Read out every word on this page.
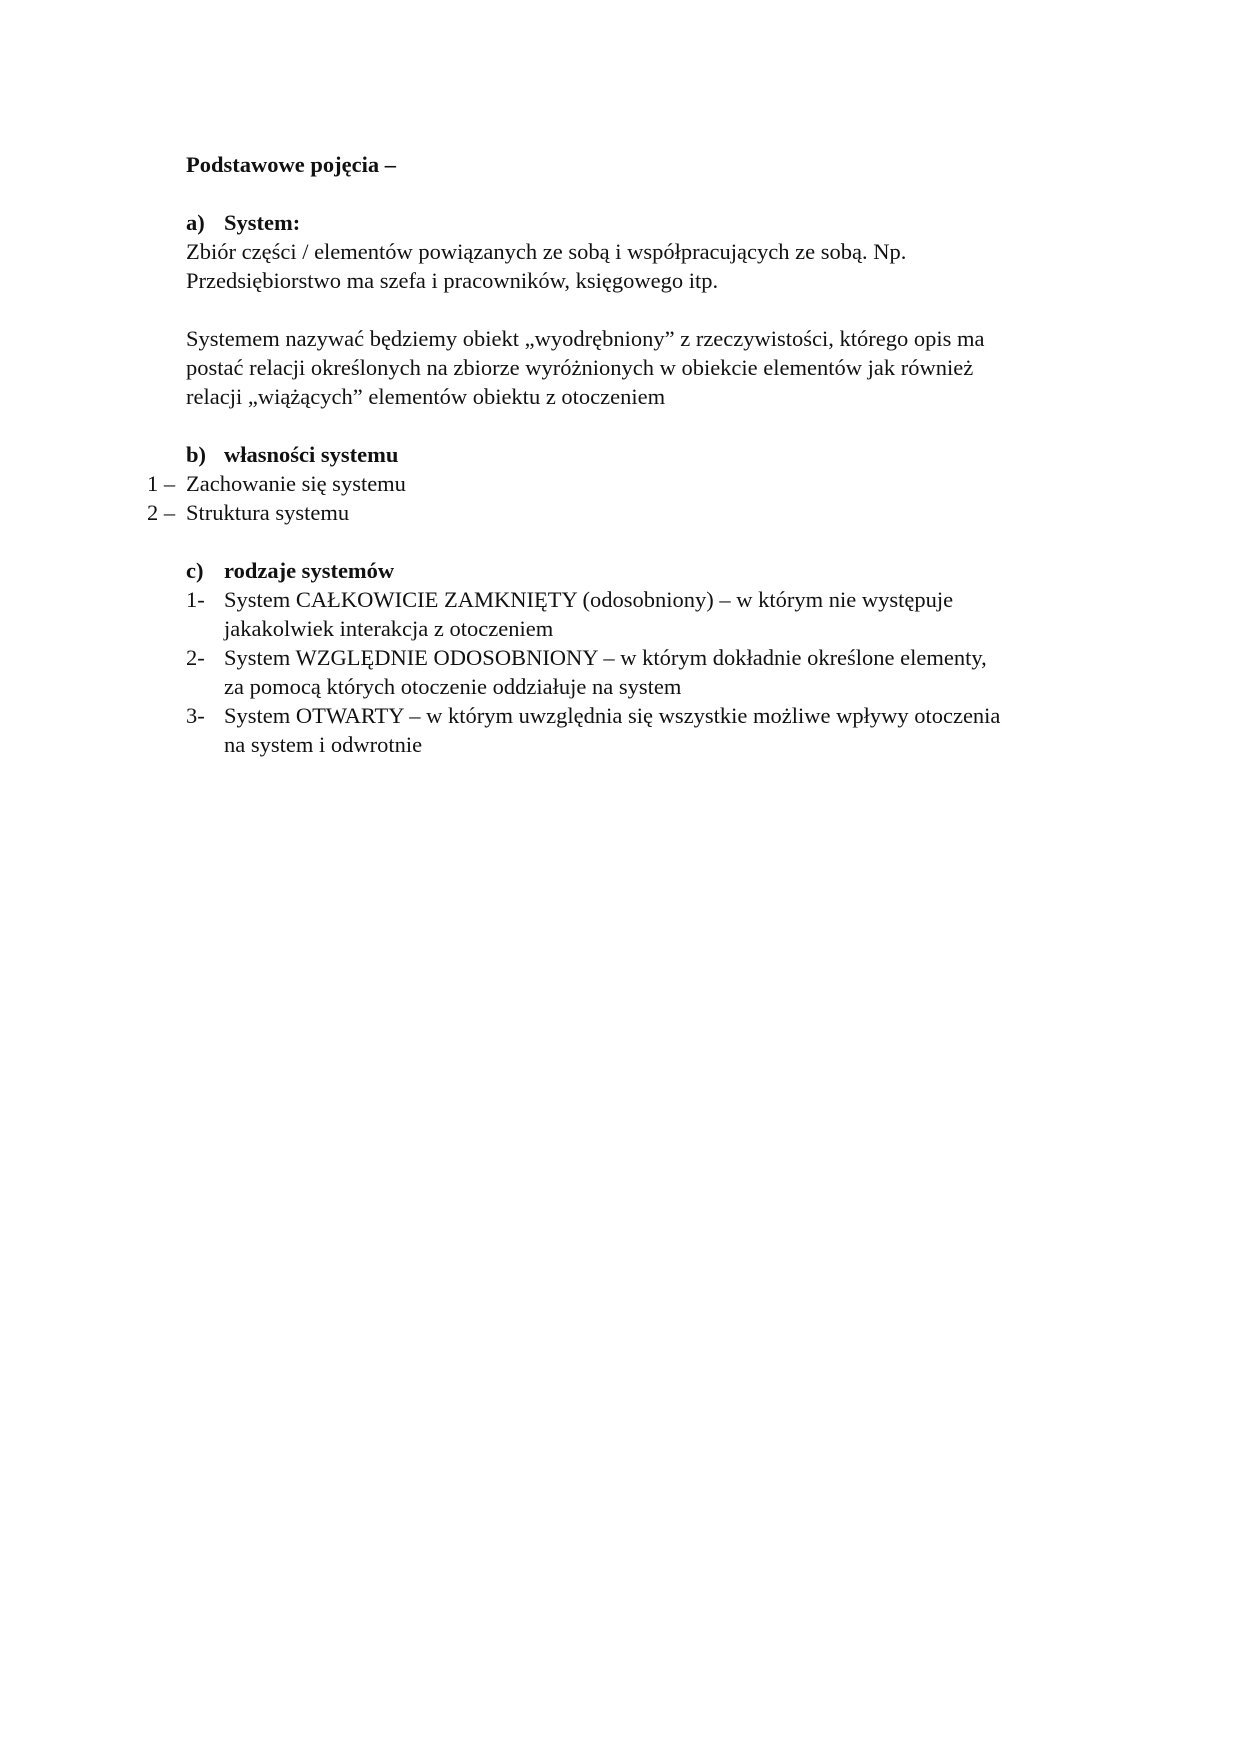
Podstawowe pojęcia –

a) System:

Zbiór części / elementów powiązanych ze sobą i współpracujących ze sobą. Np.

Przedsiębiorstwo ma szefa i pracowników, księgowego itp.

Systemem nazywać będziemy obiekt „wyodrębniony” z rzeczywistości, którego opis ma

postać relacji określonych na zbiorze wyróżnionych w obiekcie elementów jak również

relacji „wiążących” elementów obiektu z otoczeniem

b) własności systemu

1 – Zachowanie się systemu

2 – Struktura systemu

c) rodzaje systemów

1- System CAŁKOWICIE ZAMKNIĘTY (odosobniony) – w którym nie występuje

jakakolwiek interakcja z otoczeniem

2- System WZGLĘDNIE ODOSOBNIONY – w którym dokładnie określone elementy,

za pomocą których otoczenie oddziałuje na system

3- System OTWARTY – w którym uwzględnia się wszystkie możliwe wpływy otoczenia

na system i odwrotnie
